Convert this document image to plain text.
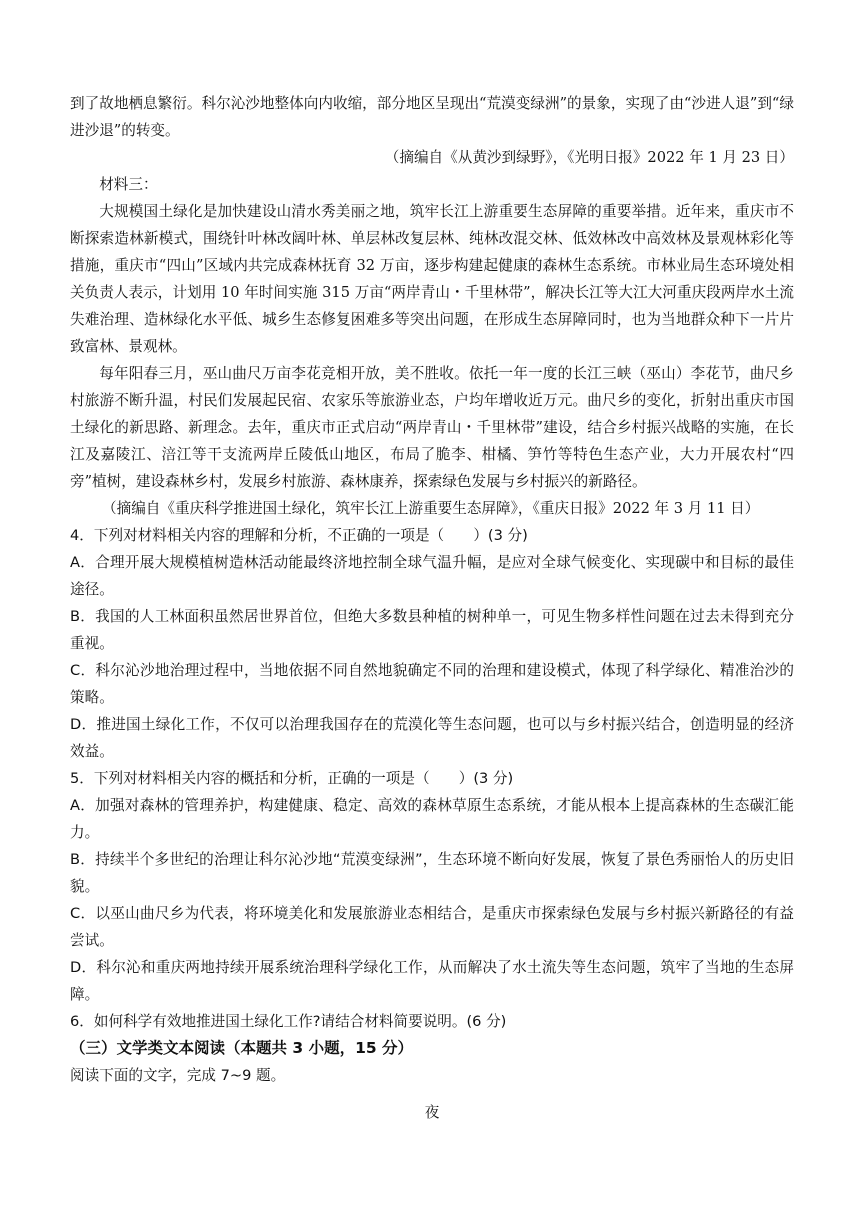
到了故地栖息繁衍。科尔沁沙地整体向内收缩，部分地区呈现出“荒漠变绿洲”的景象，实现了由“沙进人退”到“绿进沙退”的转变。

（摘编自《从黄沙到绿野》，《光明日报》2022 年 1 月 23 日）

材料三：

大规模国土绿化是加快建设山清水秀美丽之地，筑牢长江上游重要生态屏障的重要举措。近年来，重庆市不断探索造林新模式，围绕针叶林改阔叶林、单层林改复层林、纯林改混交林、低效林改中高效林及景观林彩化等措施，重庆市“四山”区域内共完成森林抚育 32 万亩，逐步构建起健康的森林生态系统。市林业局生态环境处相关负责人表示，计划用 10 年时间实施 315 万亩“两岸青山・千里林带”，解决长江等大江大河重庆段两岸水土流失难治理、造林绿化水平低、城乡生态修复困难多等突出问题，在形成生态屏障同时，也为当地群众种下一片片致富林、景观林。

每年阳春三月，巫山曲尺万亩李花竞相开放，美不胜收。依托一年一度的长江三峡（巫山）李花节，曲尺乡村旅游不断升温，村民们发展起民宿、农家乐等旅游业态，户均年增收近万元。曲尺乡的变化，折射出重庆市国土绿化的新思路、新理念。去年，重庆市正式启动“两岸青山・千里林带”建设，结合乡村振兴战略的实施，在长江及嘉陵江、涪江等干支流两岸丘陵低山地区，布局了脆李、柑橘、笋竹等特色生态产业，大力开展农村“四旁”植树，建设森林乡村，发展乡村旅游、森林康养，探索绿色发展与乡村振兴的新路径。

（摘编自《重庆科学推进国土绿化，筑牢长江上游重要生态屏障》，《重庆日报》2022 年 3 月 11 日）

4．下列对材料相关内容的理解和分析，不正确的一项是（　　）(3 分)

A．合理开展大规模植树造林活动能最终济地控制全球气温升幅，是应对全球气候变化、实现碳中和目标的最佳途径。

B．我国的人工林面积虽然居世界首位，但绝大多数县种植的树种单一，可见生物多样性问题在过去未得到充分重视。

C．科尔沁沙地治理过程中，当地依据不同自然地貌确定不同的治理和建设模式，体现了科学绿化、精准治沙的策略。

D．推进国土绿化工作，不仅可以治理我国存在的荒漠化等生态问题，也可以与乡村振兴结合，创造明显的经济效益。

5．下列对材料相关内容的概括和分析，正确的一项是（　　）(3 分)

A．加强对森林的管理养护，构建健康、稳定、高效的森林草原生态系统，才能从根本上提高森林的生态碳汇能力。

B．持续半个多世纪的治理让科尔沁沙地“荒漠变绿洲”，生态环境不断向好发展，恢复了景色秀丽怡人的历史旧貌。

C．以巫山曲尺乡为代表，将环境美化和发展旅游业态相结合，是重庆市探索绿色发展与乡村振兴新路径的有益尝试。

D．科尔沁和重庆两地持续开展系统治理科学绿化工作，从而解决了水土流失等生态问题，筑牢了当地的生态屏障。

6．如何科学有效地推进国土绿化工作?请结合材料简要说明。(6 分)

（三）文学类文本阅读（本题共 3 小题，15 分）

阅读下面的文字，完成 7~9 题。

夜
